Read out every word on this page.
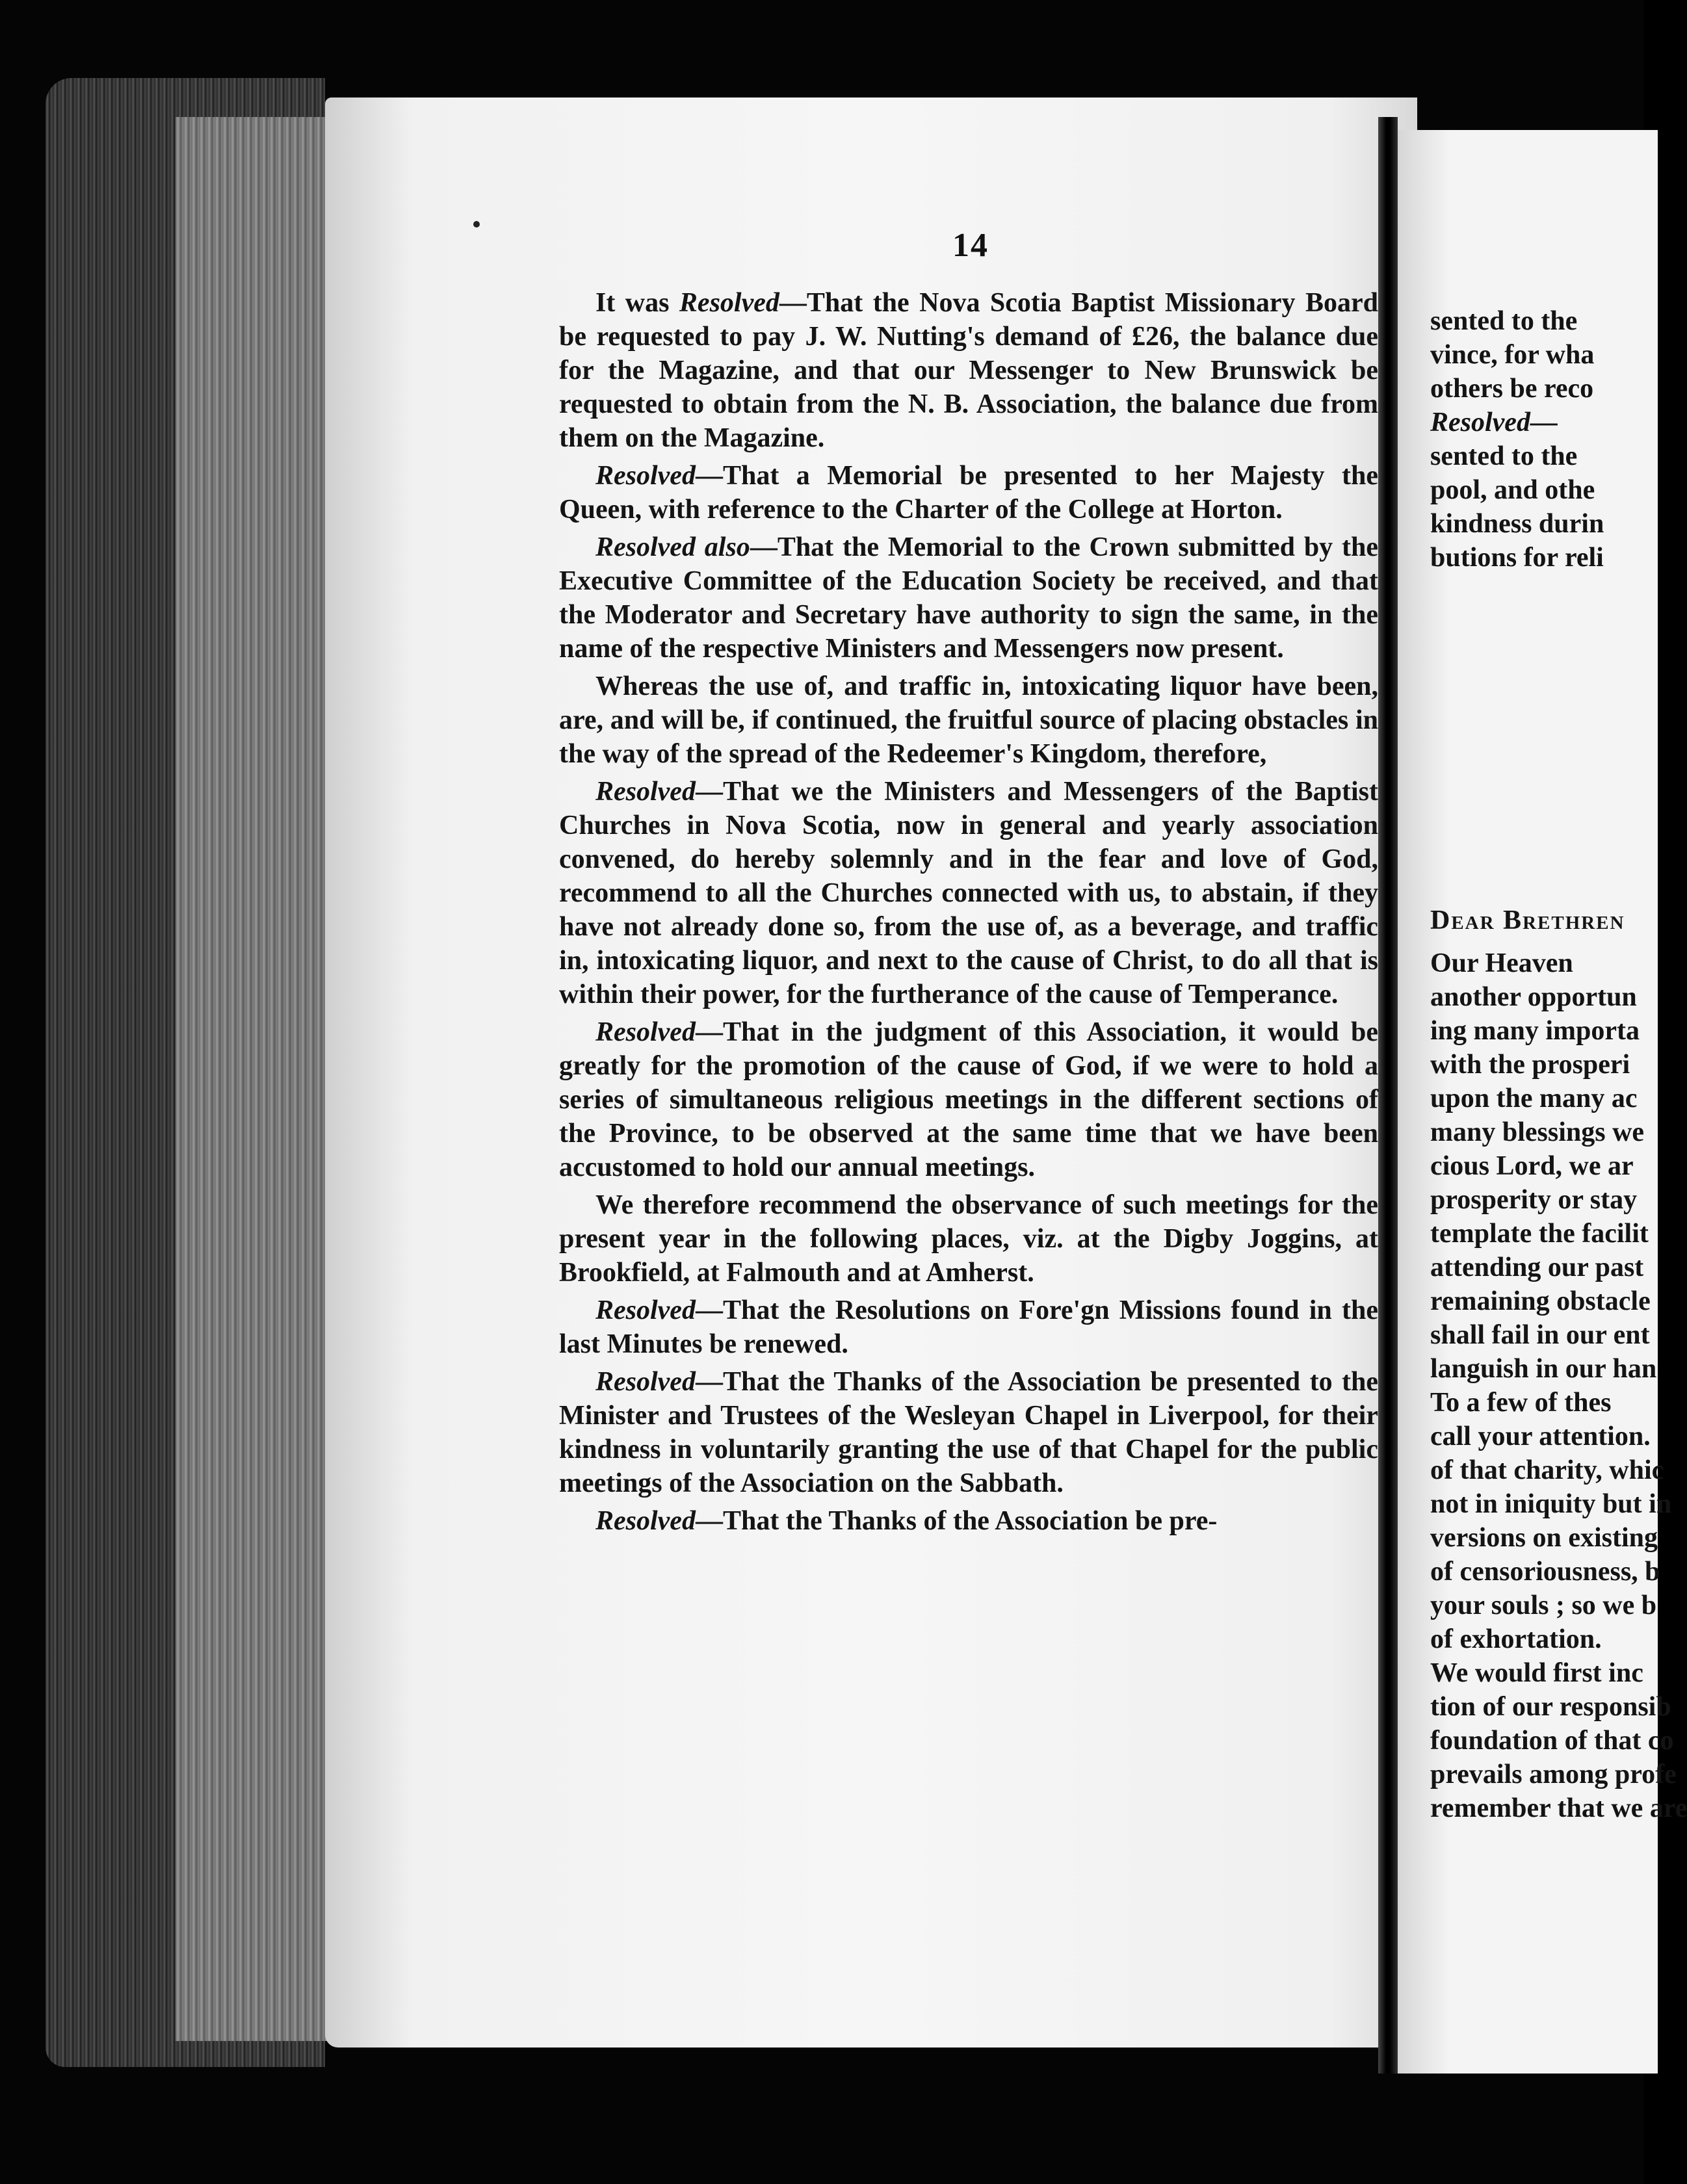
14

It was Resolved—That the Nova Scotia Baptist Missionary Board be requested to pay J. W. Nutting's demand of £26, the balance due for the Magazine, and that our Messenger to New Brunswick be requested to obtain from the N. B. Association, the balance due from them on the Magazine.

Resolved—That a Memorial be presented to her Majesty the Queen, with reference to the Charter of the College at Horton.

Resolved also—That the Memorial to the Crown submitted by the Executive Committee of the Education Society be received, and that the Moderator and Secretary have authority to sign the same, in the name of the respective Ministers and Messengers now present.

Whereas the use of, and traffic in, intoxicating liquor have been, are, and will be, if continued, the fruitful source of placing obstacles in the way of the spread of the Redeemer's Kingdom, therefore,

Resolved—That we the Ministers and Messengers of the Baptist Churches in Nova Scotia, now in general and yearly association convened, do hereby solemnly and in the fear and love of God, recommend to all the Churches connected with us, to abstain, if they have not already done so, from the use of, as a beverage, and traffic in, intoxicating liquor, and next to the cause of Christ, to do all that is within their power, for the furtherance of the cause of Temperance.

Resolved—That in the judgment of this Association, it would be greatly for the promotion of the cause of God, if we were to hold a series of simultaneous religious meetings in the different sections of the Province, to be observed at the same time that we have been accustomed to hold our annual meetings.

We therefore recommend the observance of such meetings for the present year in the following places, viz. at the Digby Joggins, at Brookfield, at Falmouth and at Amherst.

Resolved—That the Resolutions on Fore'gn Missions found in the last Minutes be renewed.

Resolved—That the Thanks of the Association be presented to the Minister and Trustees of the Wesleyan Chapel in Liverpool, for their kindness in voluntarily granting the use of that Chapel for the public meetings of the Association on the Sabbath.

Resolved—That the Thanks of the Association be pre-

sented to the
vince, for wha
others be reco
Resolved—
sented to the
pool, and othe
kindness durin
butions for reli
Dear Brethren
Our Heaven
another opportun
ing many importa
with the prosperi
upon the many ac
many blessings we
cious Lord, we ar
prosperity or stay
template the facilit
attending our past
remaining obstacle
shall fail in our ent
languish in our han
To a few of thes
call your attention.
of that charity, whic
not in iniquity but in
versions on existing
of censoriousness, b
your souls ; so we b
of exhortation.
We would first inc
tion of our responsib
foundation of that co
prevails among profe
remember that we are
